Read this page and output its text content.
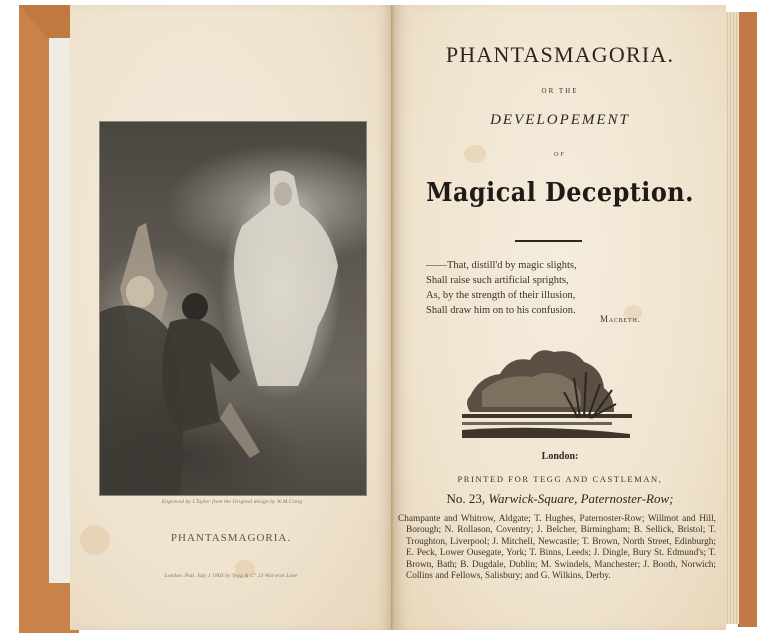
Engraved by I.Taylor from the Original design by W.M.Craig
PHANTASMAGORIA.
London. Pub. July 1 1803 by Tegg & C° 23 Warwick Lane
PHANTASMAGORIA.
OR THE
DEVELOPEMENT
OF
Magical Deception.
——That, distill'd by magic slights,
Shall raise such artificial sprights,
As, by the strength of their illusion,
Shall draw him on to his confusion.
Macbeth.
London:
PRINTED FOR TEGG AND CASTLEMAN,
No. 23, Warwick-Square, Paternoster-Row;
Champante and Whitrow, Aldgate; T. Hughes, Paternoster-Row; Willmot and Hill, Borough; N. Rollason, Coventry; J. Belcher, Birmingham; B. Sellick, Bristol; T. Troughton, Liverpool; J. Mitchell, Newcastle; T. Brown, North Street, Edinburgh; E. Peck, Lower Ousegate, York; T. Binns, Leeds; J. Dingle, Bury St. Edmund's; T. Brown, Bath; B. Dugdale, Dublin; M. Swindels, Manchester; J. Booth, Norwich; Collins and Fellows, Salisbury; and G. Wilkins, Derby.
